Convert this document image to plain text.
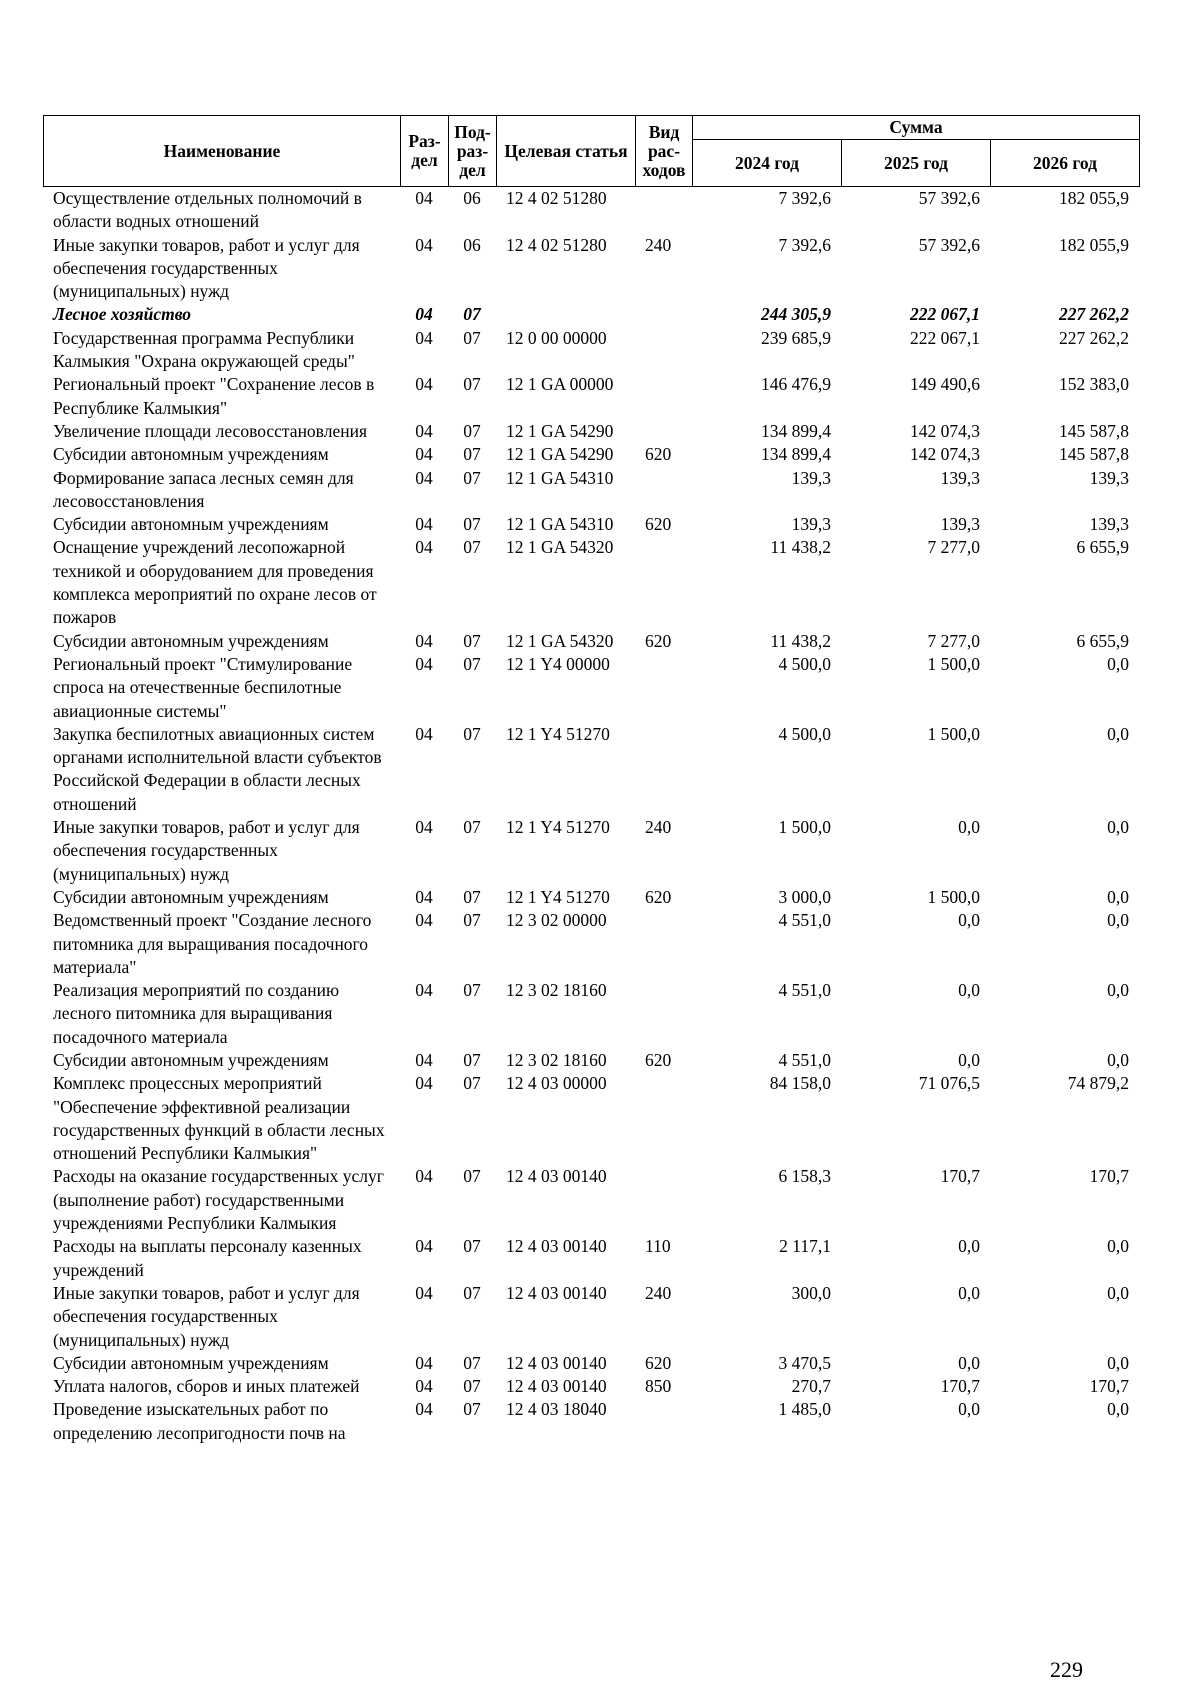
Наименование	Раз-дел	Под-раз-дел	Целевая статья	Вид рас-ходов	Сумма		
					2024 год	2025 год	2026 год
Осуществление отдельных полномочий в области водных отношений	04	06	12 4 02 51280		7 392,6	57 392,6	182 055,9
Иные закупки товаров, работ и услуг для обеспечения государственных (муниципальных) нужд	04	06	12 4 02 51280	240	7 392,6	57 392,6	182 055,9
Лесное хозяйство	04	07			244 305,9	222 067,1	227 262,2
Государственная программа Республики Калмыкия "Охрана окружающей среды"	04	07	12 0 00 00000		239 685,9	222 067,1	227 262,2
Региональный проект "Сохранение лесов в Республике Калмыкия"	04	07	12 1 GA 00000		146 476,9	149 490,6	152 383,0
Увеличение площади лесовосстановления	04	07	12 1 GA 54290		134 899,4	142 074,3	145 587,8
Субсидии автономным учреждениям	04	07	12 1 GA 54290	620	134 899,4	142 074,3	145 587,8
Формирование запаса лесных семян для лесовосстановления	04	07	12 1 GA 54310		139,3	139,3	139,3
Субсидии автономным учреждениям	04	07	12 1 GA 54310	620	139,3	139,3	139,3
Оснащение учреждений лесопожарной техникой и оборудованием для проведения комплекса мероприятий по охране лесов от пожаров	04	07	12 1 GA 54320		11 438,2	7 277,0	6 655,9
Субсидии автономным учреждениям	04	07	12 1 GA 54320	620	11 438,2	7 277,0	6 655,9
Региональный проект "Стимулирование спроса на отечественные беспилотные авиационные системы"	04	07	12 1 Y4 00000		4 500,0	1 500,0	0,0
Закупка беспилотных авиационных систем органами исполнительной власти субъектов Российской Федерации в области лесных отношений	04	07	12 1 Y4 51270		4 500,0	1 500,0	0,0
Иные закупки товаров, работ и услуг для обеспечения государственных (муниципальных) нужд	04	07	12 1 Y4 51270	240	1 500,0	0,0	0,0
Субсидии автономным учреждениям	04	07	12 1 Y4 51270	620	3 000,0	1 500,0	0,0
Ведомственный проект "Создание лесного питомника для выращивания посадочного материала"	04	07	12 3 02 00000		4 551,0	0,0	0,0
Реализация мероприятий по созданию лесного питомника для выращивания посадочного материала	04	07	12 3 02 18160		4 551,0	0,0	0,0
Субсидии автономным учреждениям	04	07	12 3 02 18160	620	4 551,0	0,0	0,0
Комплекс процессных мероприятий "Обеспечение эффективной реализации государственных функций в области лесных отношений Республики Калмыкия"	04	07	12 4 03 00000		84 158,0	71 076,5	74 879,2
Расходы на оказание государственных услуг (выполнение работ) государственными учреждениями Республики Калмыкия	04	07	12 4 03 00140		6 158,3	170,7	170,7
Расходы на выплаты персоналу казенных учреждений	04	07	12 4 03 00140	110	2 117,1	0,0	0,0
Иные закупки товаров, работ и услуг для обеспечения государственных (муниципальных) нужд	04	07	12 4 03 00140	240	300,0	0,0	0,0
Субсидии автономным учреждениям	04	07	12 4 03 00140	620	3 470,5	0,0	0,0
Уплата налогов, сборов и иных платежей	04	07	12 4 03 00140	850	270,7	170,7	170,7
Проведение изыскательных работ по определению лесопригодности почв на	04	07	12 4 03 18040		1 485,0	0,0	0,0
229
